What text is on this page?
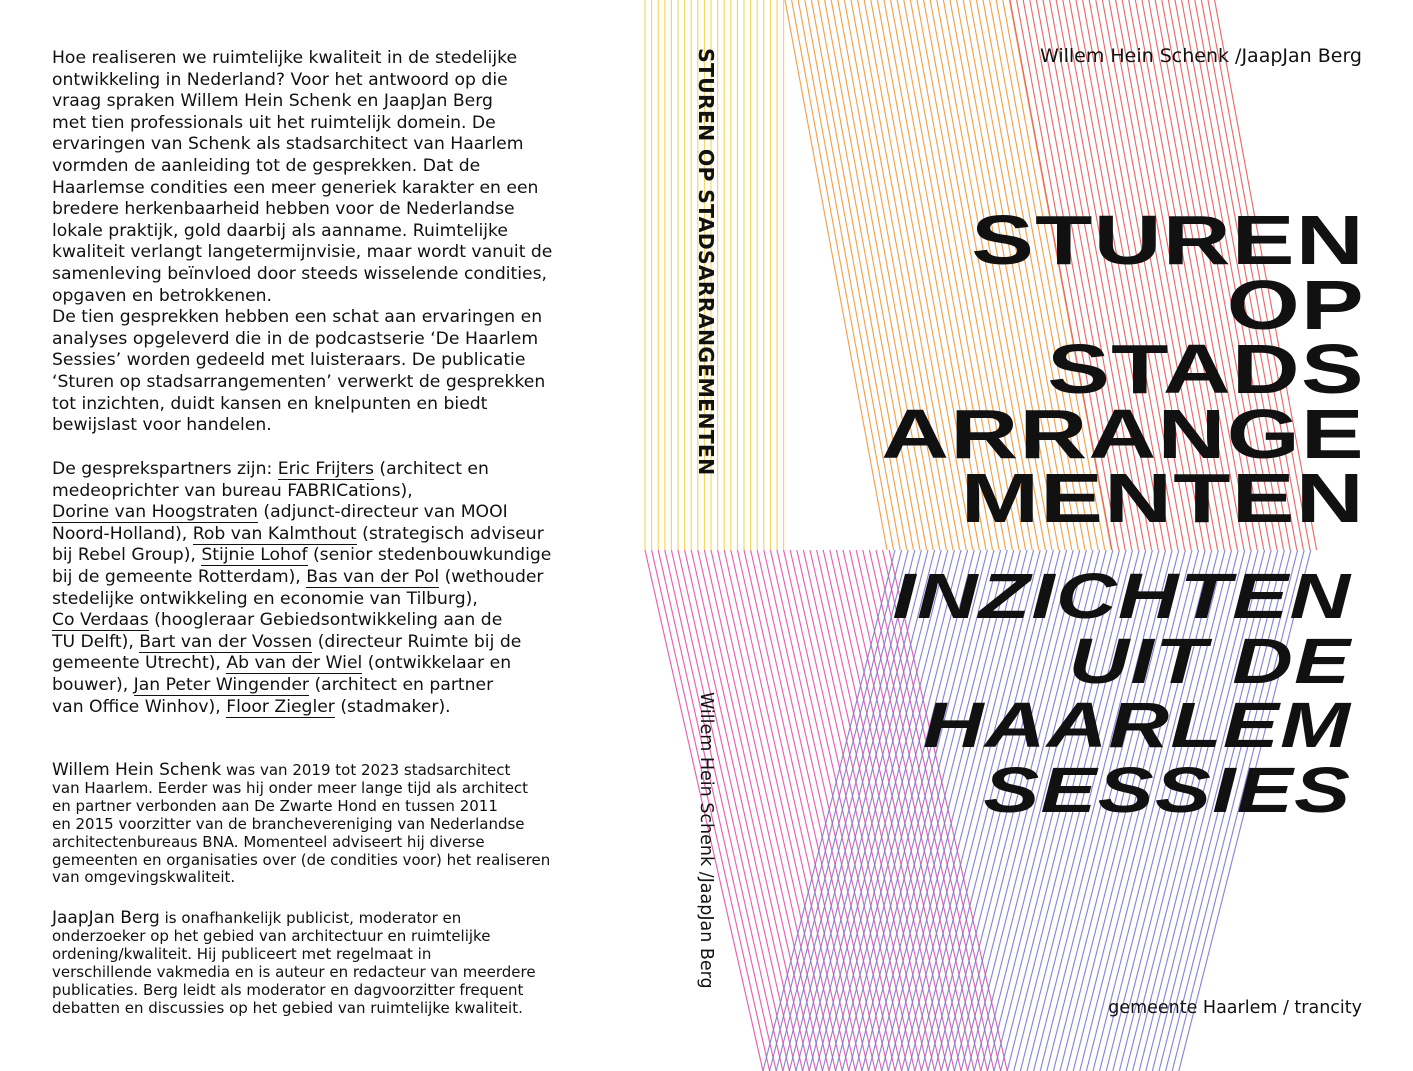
Hoe realiseren we ruimtelijke kwaliteit in de stedelijke
ontwikkeling in Nederland? Voor het antwoord op die
vraag spraken Willem Hein Schenk en JaapJan Berg
met tien professionals uit het ruimtelijk domein. De
ervaringen van Schenk als stadsarchitect van Haarlem
vormden de aanleiding tot de gesprekken. Dat de
Haarlemse condities een meer generiek karakter en een
bredere herkenbaarheid hebben voor de Nederlandse
lokale praktijk, gold daarbij als aanname. Ruimtelijke
kwaliteit verlangt langetermijnvisie, maar wordt vanuit de
samenleving beïnvloed door steeds wisselende condities,
opgaven en betrokkenen.
De tien gesprekken hebben een schat aan ervaringen en
analyses opgeleverd die in de podcastserie ‘De Haarlem
Sessies’ worden gedeeld met luisteraars. De publicatie
‘Sturen op stadsarrangementen’ verwerkt de gesprekken
tot inzichten, duidt kansen en knelpunten en biedt
bewijslast voor handelen.
De gesprekspartners zijn: Eric Frijters (architect en
medeoprichter van bureau FABRICations),
Dorine van Hoogstraten (adjunct-directeur van MOOI
Noord-Holland), Rob van Kalmthout (strategisch adviseur
bij Rebel Group), Stijnie Lohof (senior stedenbouwkundige
bij de gemeente Rotterdam), Bas van der Pol (wethouder
stedelijke ontwikkeling en economie van Tilburg),
Co Verdaas (hoogleraar Gebiedsontwikkeling aan de
TU Delft), Bart van der Vossen (directeur Ruimte bij de
gemeente Utrecht), Ab van der Wiel (ontwikkelaar en
bouwer), Jan Peter Wingender (architect en partner
van Office Winhov), Floor Ziegler (stadmaker).
Willem Hein Schenk was van 2019 tot 2023 stadsarchitect
van Haarlem. Eerder was hij onder meer lange tijd als architect
en partner verbonden aan De Zwarte Hond en tussen 2011
en 2015 voorzitter van de branchevereniging van Nederlandse
architectenbureaus BNA. Momenteel adviseert hij diverse
gemeenten en organisaties over (de condities voor) het realiseren
van omgevingskwaliteit.
JaapJan Berg is onafhankelijk publicist, moderator en
onderzoeker op het gebied van architectuur en ruimtelijke
ordening/kwaliteit. Hij publiceert met regelmaat in
verschillende vakmedia en is auteur en redacteur van meerdere
publicaties. Berg leidt als moderator en dagvoorzitter frequent
debatten en discussies op het gebied van ruimtelijke kwaliteit.
STUREN OP STADSARRANGEMENTEN
Willem Hein Schenk /JaapJan Berg
Willem Hein Schenk /JaapJan Berg
STUREN
OP
STADS
ARRANGE
MENTEN
INZICHTEN
UIT DE
HAARLEM
SESSIES
gemeente Haarlem / trancity
